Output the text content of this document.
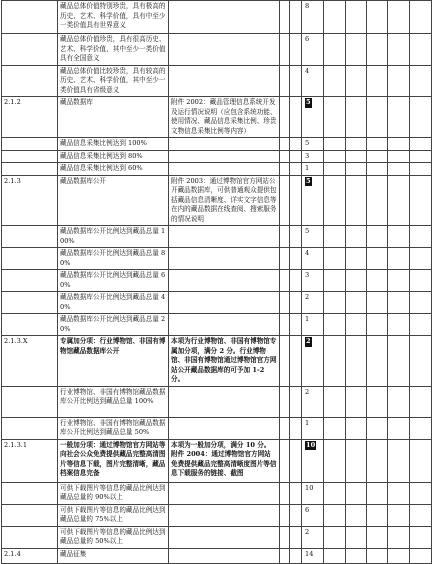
	藏品总体价值特别珍贵，具有极高的历史、艺术、科学价值，具有中至少一类价值具有世界意义				8					
	藏品总体价值珍贵，具有很高历史、艺术、科学价值，其中至少一类价值具有全国意义				6					
	藏品总体价值比较珍贵，具有较高的历史、艺术、科学价值，其中至少一类价值具有省级意义				4					
2.1.2	藏品数据库	附件 2002：藏品管理信息系统开发及运行情况说明（应包含系统功能、使用情况、藏品信息采集比例、珍贵文物信息采集比例等内容）			5					
	藏品信息采集比例达到 100%				5					
	藏品信息采集比例达到 80%				3					
	藏品信息采集比例达到 60%				1					
2.1.3	藏品数据库公开	附件 2003：通过博物馆官方网站公开藏品数据库，可供普通观众提供包括藏品信息清晰度、详实文字信息等在内的藏品数据在线查阅、搜索服务的情况说明			5					
	藏品数据库公开比例达到藏品总量 100%				5					
	藏品数据库公开比例达到藏品总量 80%				4					
	藏品数据库公开比例达到藏品总量 60%				3					
	藏品数据库公开比例达到藏品总量 40%				2					
	藏品数据库公开比例达到藏品总量 20%				1					
2.1.3.X	专属加分项：行业博物馆、非国有博物馆藏品数据库公开	本项为行业博物馆、非国有博物馆专属加分项，满分 2 分。行业博物馆、非国有博物馆通过博物馆官方网站公开藏品数据库的可予加 1-2 分。			2					
	行业博物馆、非国有博物馆藏品数据库公开比例达到藏品总量 100%				2					
	行业博物馆、非国有博物馆藏品数据库公开比例达到藏品总量 50%				1					
2.1.3.1	一般加分项：通过博物馆官方网站等向社会公众免费提供藏品完整高清图片等信息下载，图片完整清晰，藏品档案信息完备	本项为一般加分项，满分 10 分。附件 2004：通过博物馆官方网站免费提供藏品完整高清晰度图片等信息下载服务的链接、截图			10					
	可供下载图片等信息的藏品比例达到藏品总量的 90%以上				10					
	可供下载图片等信息的藏品比例达到藏品总量的 75%以上				6					
	可供下载图片等信息的藏品比例达到藏品总量的 50%以上				2					
2.1.4	藏品征集				14					
